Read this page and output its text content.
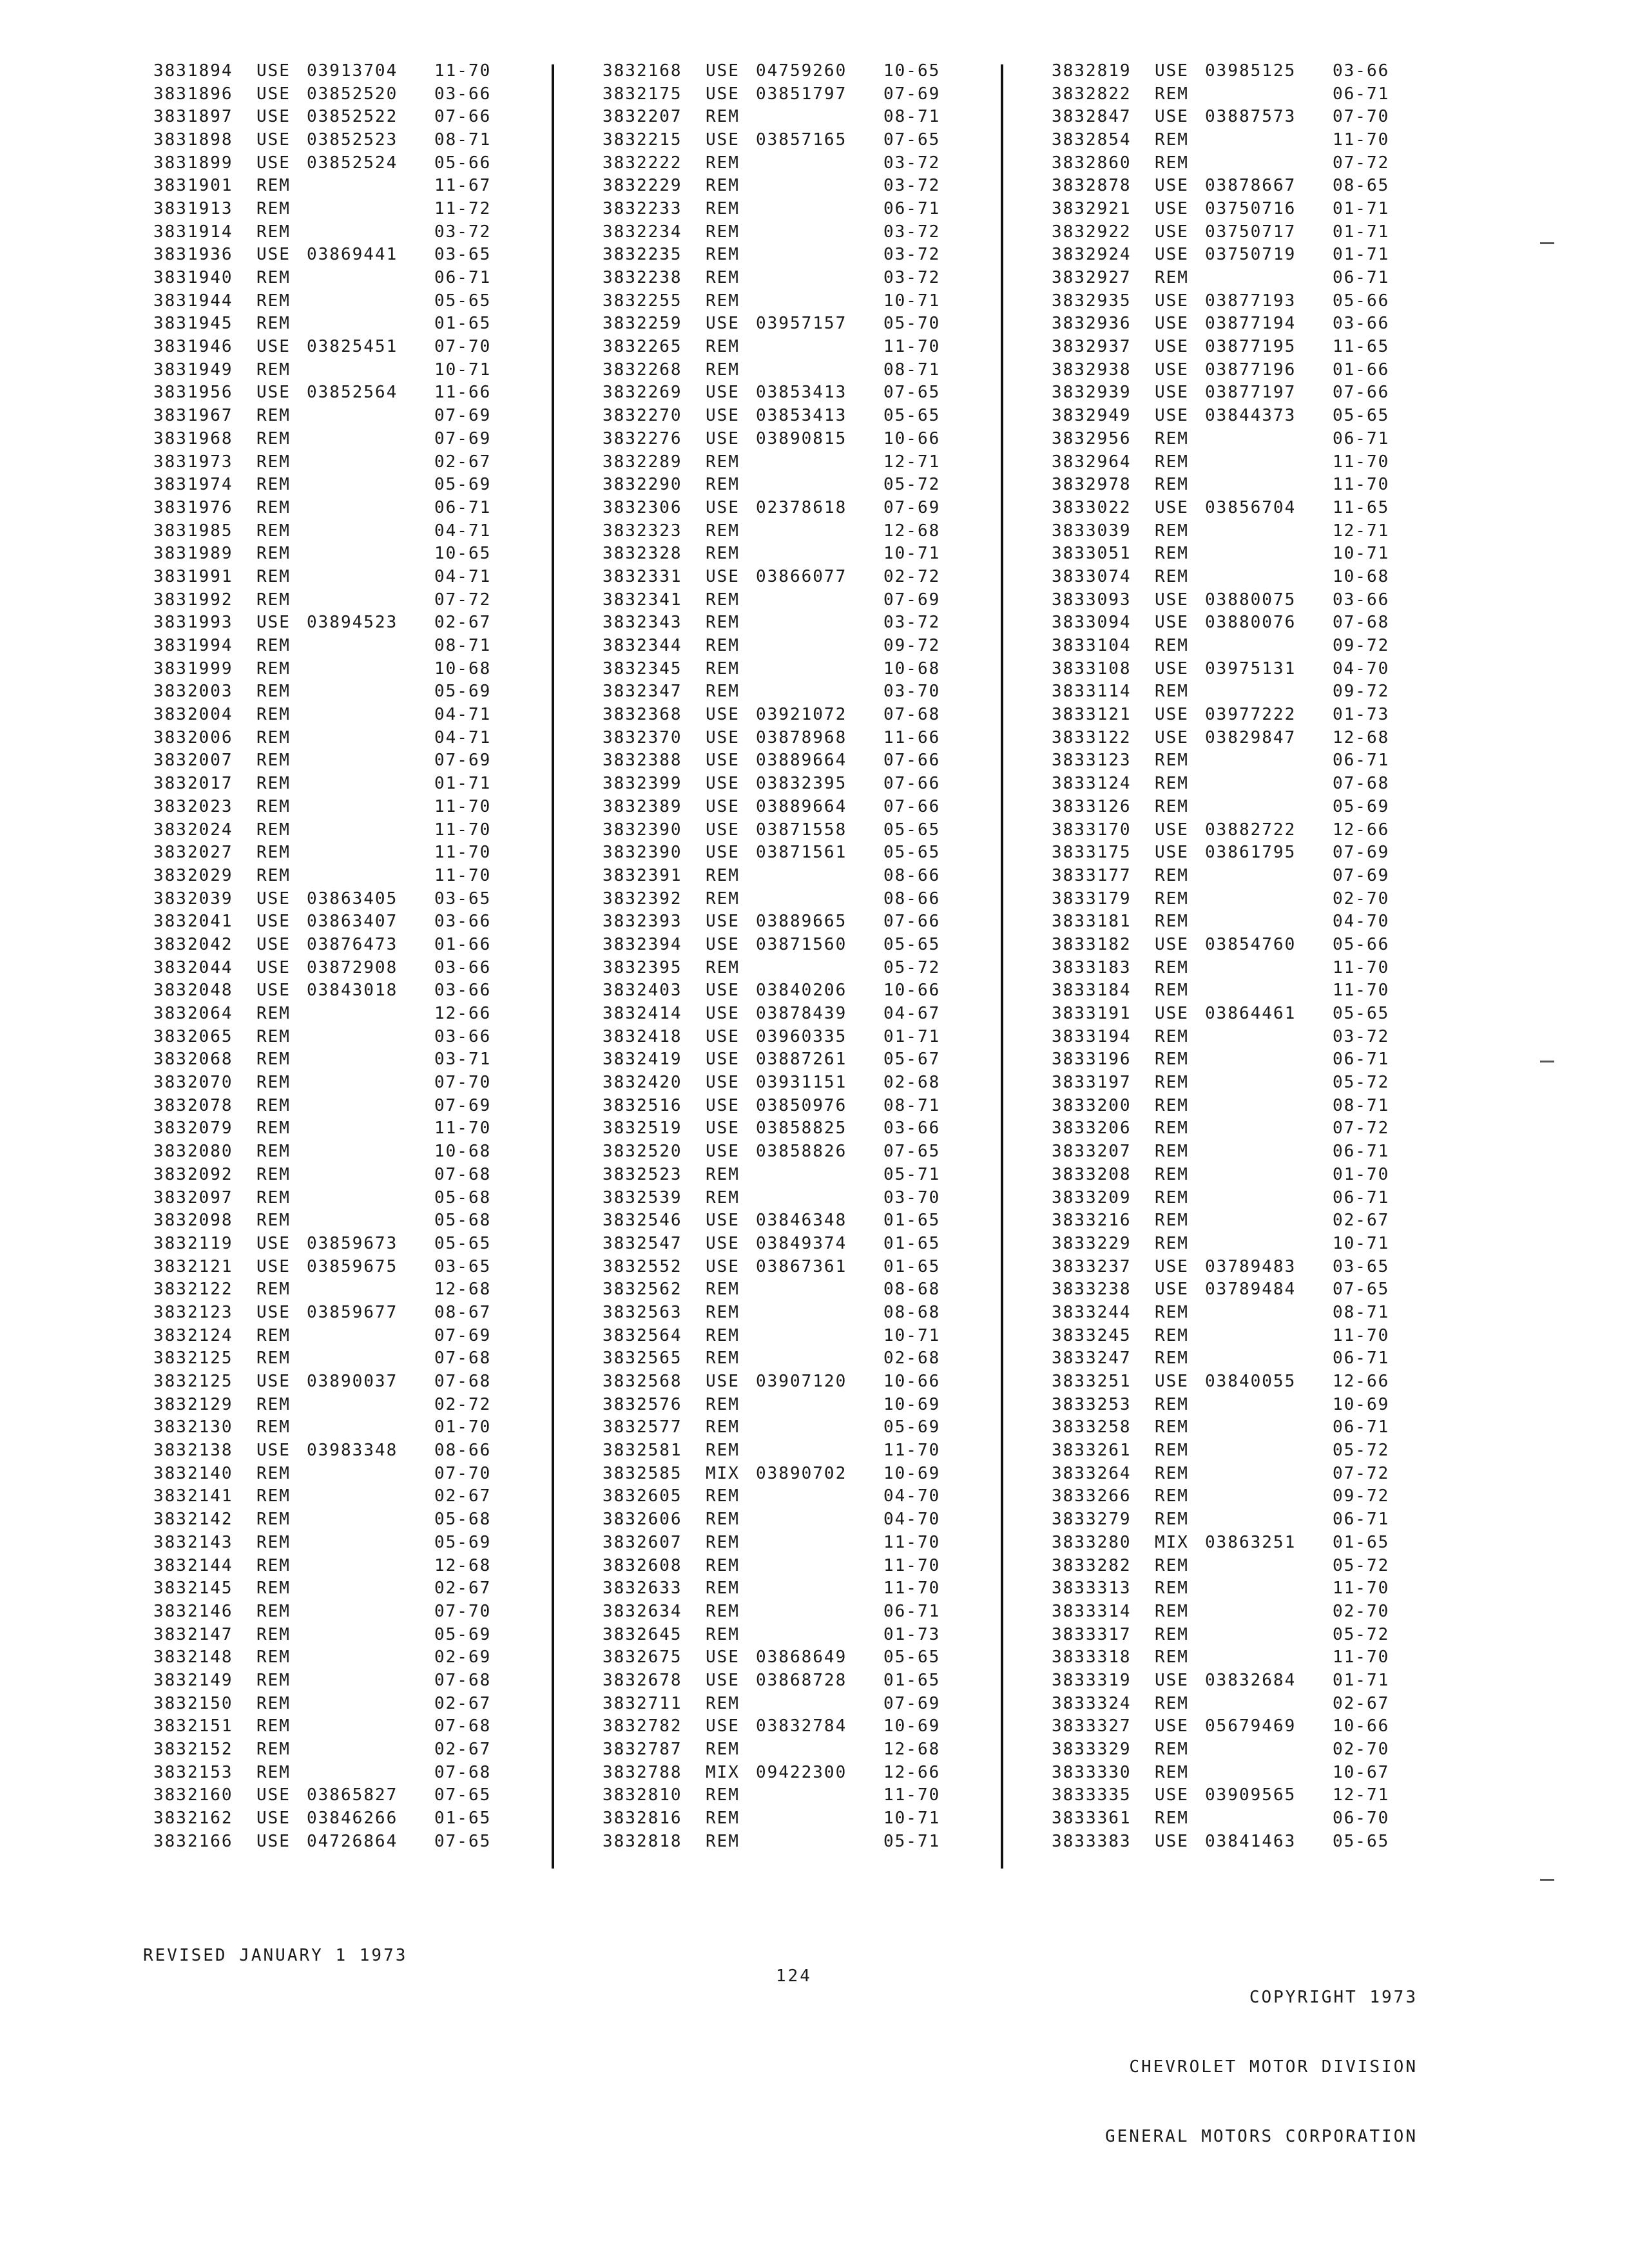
3831894	USE 03913704	11-70
3831896	USE 03852520	03-66
3831897	USE 03852522	07-66
3831898	USE 03852523	08-71
3831899	USE 03852524	05-66
3831901	REM	11-67
3831913	REM	11-72
3831914	REM	03-72
3831936	USE 03869441	03-65
3831940	REM	06-71
3831944	REM	05-65
3831945	REM	01-65
3831946	USE 03825451	07-70
3831949	REM	10-71
3831956	USE 03852564	11-66
3831967	REM	07-69
3831968	REM	07-69
3831973	REM	02-67
3831974	REM	05-69
3831976	REM	06-71
3831985	REM	04-71
3831989	REM	10-65
3831991	REM	04-71
3831992	REM	07-72
3831993	USE 03894523	02-67
3831994	REM	08-71
3831999	REM	10-68
3832003	REM	05-69
3832004	REM	04-71
3832006	REM	04-71
3832007	REM	07-69
3832017	REM	01-71
3832023	REM	11-70
3832024	REM	11-70
3832027	REM	11-70
3832029	REM	11-70
3832039	USE 03863405	03-65
3832041	USE 03863407	03-66
3832042	USE 03876473	01-66
3832044	USE 03872908	03-66
3832048	USE 03843018	03-66
3832064	REM	12-66
3832065	REM	03-66
3832068	REM	03-71
3832070	REM	07-70
3832078	REM	07-69
3832079	REM	11-70
3832080	REM	10-68
3832092	REM	07-68
3832097	REM	05-68
3832098	REM	05-68
3832119	USE 03859673	05-65
3832121	USE 03859675	03-65
3832122	REM	12-68
3832123	USE 03859677	08-67
3832124	REM	07-69
3832125	REM	07-68
3832125	USE 03890037	07-68
3832129	REM	02-72
3832130	REM	01-70
3832138	USE 03983348	08-66
3832140	REM	07-70
3832141	REM	02-67
3832142	REM	05-68
3832143	REM	05-69
3832144	REM	12-68
3832145	REM	02-67
3832146	REM	07-70
3832147	REM	05-69
3832148	REM	02-69
3832149	REM	07-68
3832150	REM	02-67
3832151	REM	07-68
3832152	REM	02-67
3832153	REM	07-68
3832160	USE 03865827	07-65
3832162	USE 03846266	01-65
3832166	USE 04726864	07-65
3832168	USE 04759260	10-65
3832175	USE 03851797	07-69
3832207	REM	08-71
3832215	USE 03857165	07-65
3832222	REM	03-72
3832229	REM	03-72
3832233	REM	06-71
3832234	REM	03-72
3832235	REM	03-72
3832238	REM	03-72
3832255	REM	10-71
3832259	USE 03957157	05-70
3832265	REM	11-70
3832268	REM	08-71
3832269	USE 03853413	07-65
3832270	USE 03853413	05-65
3832276	USE 03890815	10-66
3832289	REM	12-71
3832290	REM	05-72
3832306	USE 02378618	07-69
3832323	REM	12-68
3832328	REM	10-71
3832331	USE 03866077	02-72
3832341	REM	07-69
3832343	REM	03-72
3832344	REM	09-72
3832345	REM	10-68
3832347	REM	03-70
3832368	USE 03921072	07-68
3832370	USE 03878968	11-66
3832388	USE 03889664	07-66
3832399	USE 03832395	07-66
3832389	USE 03889664	07-66
3832390	USE 03871558	05-65
3832390	USE 03871561	05-65
3832391	REM	08-66
3832392	REM	08-66
3832393	USE 03889665	07-66
3832394	USE 03871560	05-65
3832395	REM	05-72
3832403	USE 03840206	10-66
3832414	USE 03878439	04-67
3832418	USE 03960335	01-71
3832419	USE 03887261	05-67
3832420	USE 03931151	02-68
3832516	USE 03850976	08-71
3832519	USE 03858825	03-66
3832520	USE 03858826	07-65
3832523	REM	05-71
3832539	REM	03-70
3832546	USE 03846348	01-65
3832547	USE 03849374	01-65
3832552	USE 03867361	01-65
3832562	REM	08-68
3832563	REM	08-68
3832564	REM	10-71
3832565	REM	02-68
3832568	USE 03907120	10-66
3832576	REM	10-69
3832577	REM	05-69
3832581	REM	11-70
3832585	MIX 03890702	10-69
3832605	REM	04-70
3832606	REM	04-70
3832607	REM	11-70
3832608	REM	11-70
3832633	REM	11-70
3832634	REM	06-71
3832645	REM	01-73
3832675	USE 03868649	05-65
3832678	USE 03868728	01-65
3832711	REM	07-69
3832782	USE 03832784	10-69
3832787	REM	12-68
3832788	MIX 09422300	12-66
3832810	REM	11-70
3832816	REM	10-71
3832818	REM	05-71
3832819	USE 03985125	03-66
3832822	REM	06-71
3832847	USE 03887573	07-70
3832854	REM	11-70
3832860	REM	07-72
3832878	USE 03878667	08-65
3832921	USE 03750716	01-71
3832922	USE 03750717	01-71
3832924	USE 03750719	01-71
3832927	REM	06-71
3832935	USE 03877193	05-66
3832936	USE 03877194	03-66
3832937	USE 03877195	11-65
3832938	USE 03877196	01-66
3832939	USE 03877197	07-66
3832949	USE 03844373	05-65
3832956	REM	06-71
3832964	REM	11-70
3832978	REM	11-70
3833022	USE 03856704	11-65
3833039	REM	12-71
3833051	REM	10-71
3833074	REM	10-68
3833093	USE 03880075	03-66
3833094	USE 03880076	07-68
3833104	REM	09-72
3833108	USE 03975131	04-70
3833114	REM	09-72
3833121	USE 03977222	01-73
3833122	USE 03829847	12-68
3833123	REM	06-71
3833124	REM	07-68
3833126	REM	05-69
3833170	USE 03882722	12-66
3833175	USE 03861795	07-69
3833177	REM	07-69
3833179	REM	02-70
3833181	REM	04-70
3833182	USE 03854760	05-66
3833183	REM	11-70
3833184	REM	11-70
3833191	USE 03864461	05-65
3833194	REM	03-72
3833196	REM	06-71
3833197	REM	05-72
3833200	REM	08-71
3833206	REM	07-72
3833207	REM	06-71
3833208	REM	01-70
3833209	REM	06-71
3833216	REM	02-67
3833229	REM	10-71
3833237	USE 03789483	03-65
3833238	USE 03789484	07-65
3833244	REM	08-71
3833245	REM	11-70
3833247	REM	06-71
3833251	USE 03840055	12-66
3833253	REM	10-69
3833258	REM	06-71
3833261	REM	05-72
3833264	REM	07-72
3833266	REM	09-72
3833279	REM	06-71
3833280	MIX 03863251	01-65
3833282	REM	05-72
3833313	REM	11-70
3833314	REM	02-70
3833317	REM	05-72
3833318	REM	11-70
3833319	USE 03832684	01-71
3833324	REM	02-67
3833327	USE 05679469	10-66
3833329	REM	02-70
3833330	REM	10-67
3833335	USE 03909565	12-71
3833361	REM	06-70
3833383	USE 03841463	05-65
REVISED JANUARY 1 1973
124

COPYRIGHT 1973

CHEVROLET MOTOR DIVISION

GENERAL MOTORS CORPORATION
